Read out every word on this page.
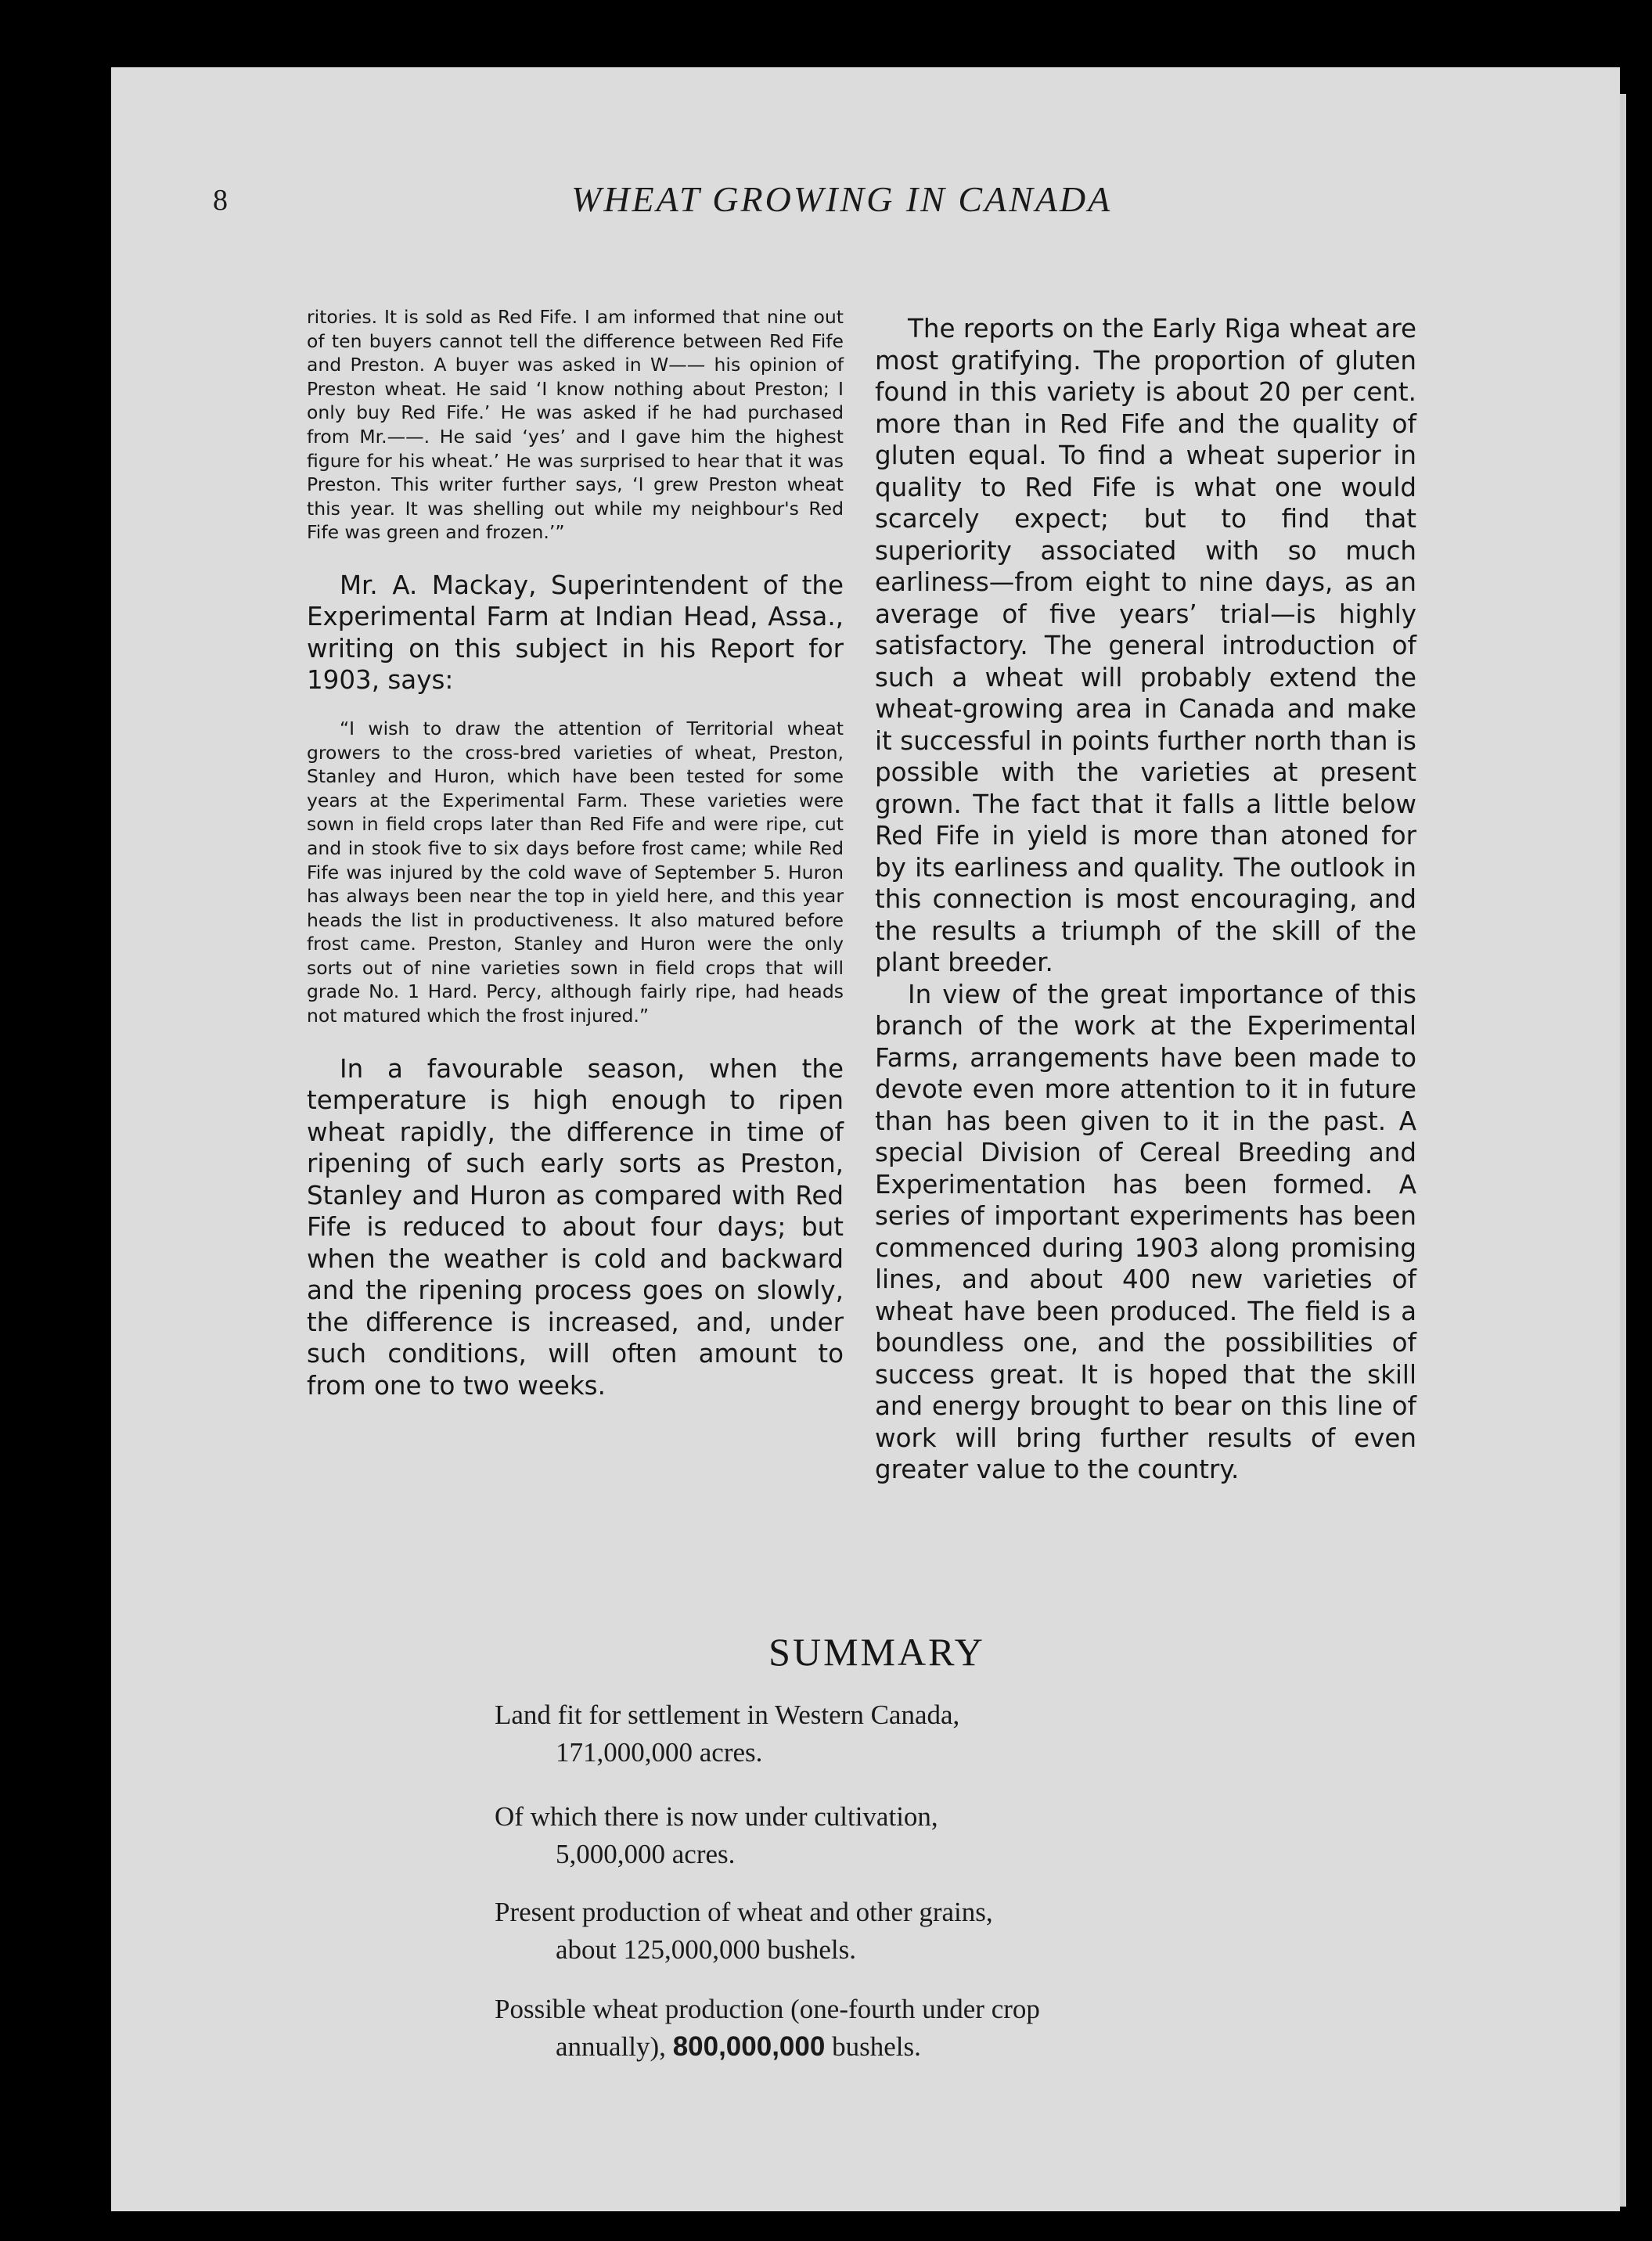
8	WHEAT GROWING IN CANADA

ritories. It is sold as Red Fife. I am informed that nine out of ten buyers cannot tell the difference between Red Fife and Preston. A buyer was asked in W—— his opinion of Preston wheat. He said ‘I know nothing about Preston; I only buy Red Fife.’ He was asked if he had purchased from Mr.——. He said ‘yes’ and I gave him the highest figure for his wheat.’ He was surprised to hear that it was Preston. This writer further says, ‘I grew Preston wheat this year. It was shelling out while my neighbour's Red Fife was green and frozen.’”

Mr. A. Mackay, Superintendent of the Experimental Farm at Indian Head, Assa., writing on this subject in his Report for 1903, says:

“I wish to draw the attention of Territorial wheat growers to the cross-bred varieties of wheat, Preston, Stanley and Huron, which have been tested for some years at the Experimental Farm. These varieties were sown in field crops later than Red Fife and were ripe, cut and in stook five to six days before frost came; while Red Fife was injured by the cold wave of September 5. Huron has always been near the top in yield here, and this year heads the list in productiveness. It also matured before frost came. Preston, Stanley and Huron were the only sorts out of nine varieties sown in field crops that will grade No. 1 Hard. Percy, although fairly ripe, had heads not matured which the frost injured.”

In a favourable season, when the temperature is high enough to ripen wheat rapidly, the difference in time of ripening of such early sorts as Preston, Stanley and Huron as compared with Red Fife is reduced to about four days; but when the weather is cold and backward and the ripening process goes on slowly, the difference is increased, and, under such conditions, will often amount to from one to two weeks.

The reports on the Early Riga wheat are most gratifying. The proportion of gluten found in this variety is about 20 per cent. more than in Red Fife and the quality of gluten equal. To find a wheat superior in quality to Red Fife is what one would scarcely expect; but to find that superiority associated with so much earliness—from eight to nine days, as an average of five years’ trial—is highly satisfactory. The general introduction of such a wheat will probably extend the wheat-growing area in Canada and make it successful in points further north than is possible with the varieties at present grown. The fact that it falls a little below Red Fife in yield is more than atoned for by its earliness and quality. The outlook in this connection is most encouraging, and the results a triumph of the skill of the plant breeder.

In view of the great importance of this branch of the work at the Experimental Farms, arrangements have been made to devote even more attention to it in future than has been given to it in the past. A special Division of Cereal Breeding and Experimentation has been formed. A series of important experiments has been commenced during 1903 along promising lines, and about 400 new varieties of wheat have been produced. The field is a boundless one, and the possibilities of success great. It is hoped that the skill and energy brought to bear on this line of work will bring further results of even greater value to the country.

SUMMARY
Land fit for settlement in Western Canada,
171,000,000 acres.
Of which there is now under cultivation,
5,000,000 acres.
Present production of wheat and other grains,
about 125,000,000 bushels.
Possible wheat production (one-fourth under crop
annually), 800,000,000 bushels.
